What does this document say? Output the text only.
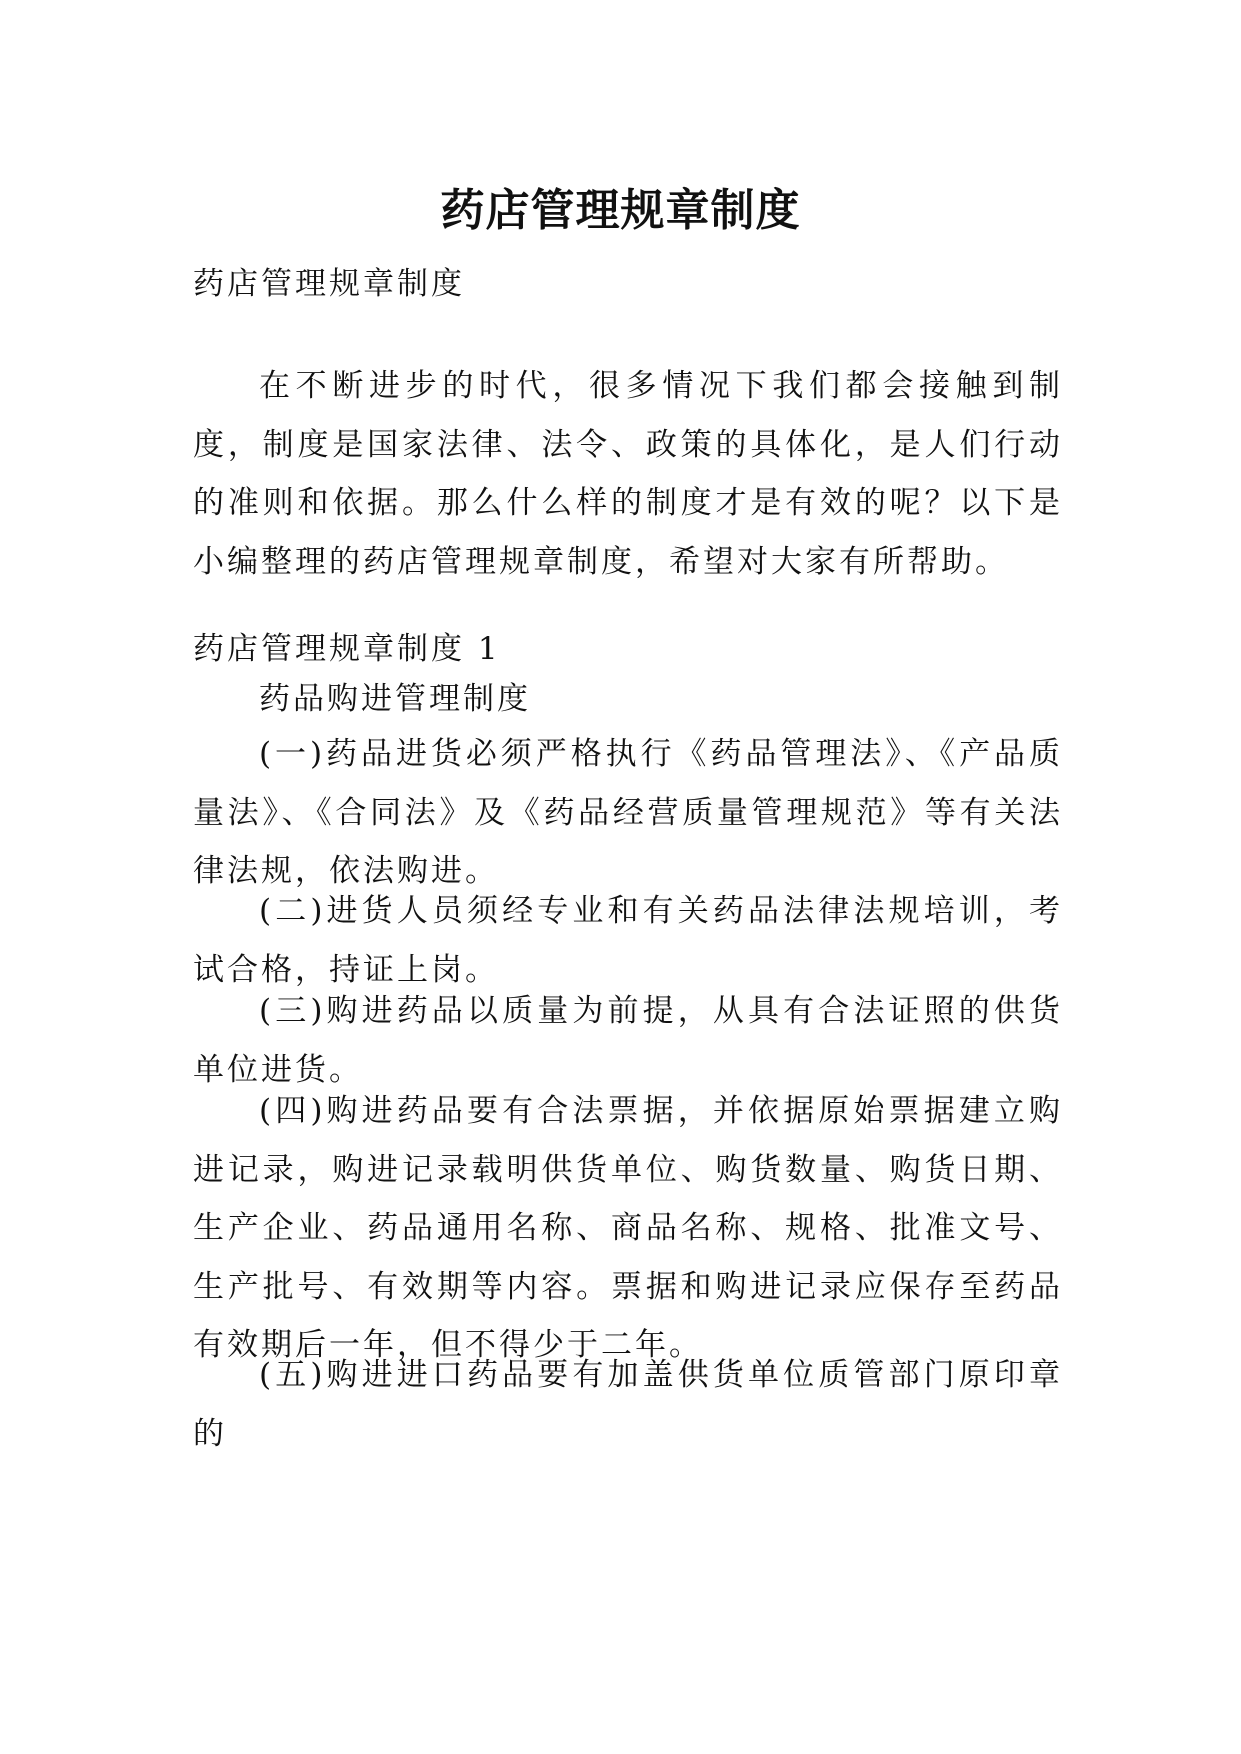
药店管理规章制度
药店管理规章制度
在不断进步的时代，很多情况下我们都会接触到制度，制度是国家法律、法令、政策的具体化，是人们行动的准则和依据。那么什么样的制度才是有效的呢？以下是小编整理的药店管理规章制度，希望对大家有所帮助。
药店管理规章制度 1
药品购进管理制度
(一)药品进货必须严格执行《药品管理法》、《产品质量法》、《合同法》及《药品经营质量管理规范》等有关法律法规，依法购进。
(二)进货人员须经专业和有关药品法律法规培训，考试合格，持证上岗。
(三)购进药品以质量为前提，从具有合法证照的供货单位进货。
(四)购进药品要有合法票据，并依据原始票据建立购进记录，购进记录载明供货单位、购货数量、购货日期、生产企业、药品通用名称、商品名称、规格、批准文号、生产批号、有效期等内容。票据和购进记录应保存至药品有效期后一年，但不得少于二年。
(五)购进进口药品要有加盖供货单位质管部门原印章的
